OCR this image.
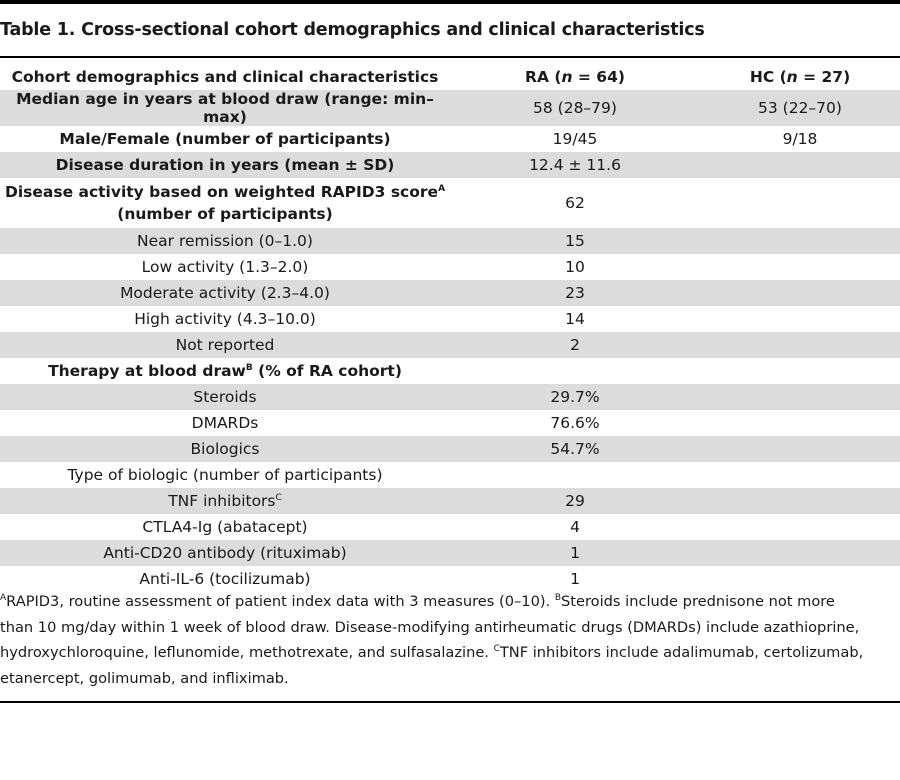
Table 1. Cross-sectional cohort demographics and clinical characteristics
Cohort demographics and clinical characteristics	RA (n = 64)	HC (n = 27)
Median age in years at blood draw (range: min–max)	58 (28–79)	53 (22–70)
Male/Female (number of participants)	19/45	9/18
Disease duration in years (mean ± SD)	12.4 ± 11.6	
Disease activity based on weighted RAPID3 score$^A$
(number of participants)	62	
Near remission (0–1.0)	15	
Low activity (1.3–2.0)	10	
Moderate activity (2.3–4.0)	23	
High activity (4.3–10.0)	14	
Not reported	2	
Therapy at blood draw$^B$ (% of RA cohort)		
Steroids	29.7%	
DMARDs	76.6%	
Biologics	54.7%	
Type of biologic (number of participants)		
TNF inhibitors$^C$	29	
CTLA4-Ig (abatacept)	4	
Anti-CD20 antibody (rituximab)	1	
Anti-IL-6 (tocilizumab)	1	

$^A$RAPID3, routine assessment of patient index data with 3 measures (0–10). $^B$Steroids include prednisone not more

than 10 mg/day within 1 week of blood draw. Disease-modifying antirheumatic drugs (DMARDs) include azathioprine,

hydroxychloroquine, leflunomide, methotrexate, and sulfasalazine. $^C$TNF inhibitors include adalimumab, certolizumab,

etanercept, golimumab, and infliximab.
